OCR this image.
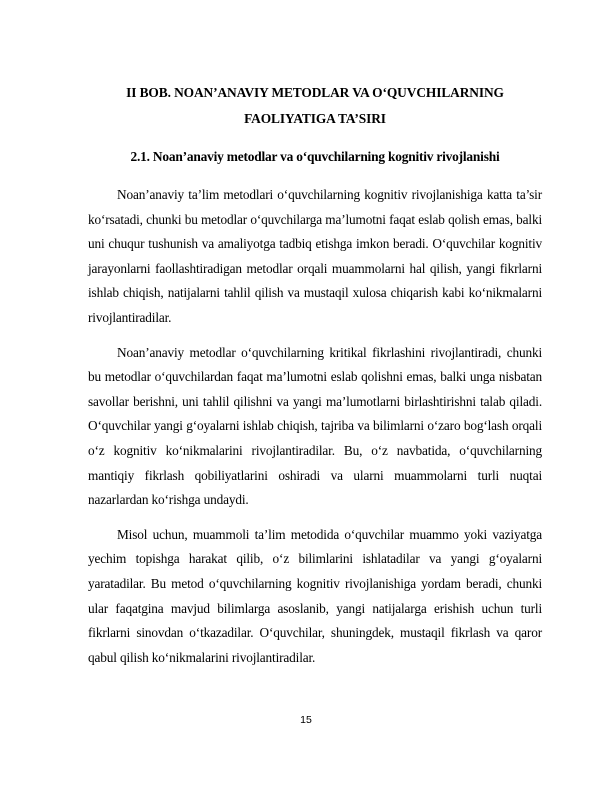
II BOB. NOAN’ANAVIY METODLAR VA O‘QUVCHILARNING
FAOLIYATIGA TA’SIRI
2.1. Noan’anaviy metodlar va o‘quvchilarning kognitiv rivojlanishi

Noan’anaviy ta’lim metodlari o‘quvchilarning kognitiv rivojlanishiga katta ta’sir ko‘rsatadi, chunki bu metodlar o‘quvchilarga ma’lumotni faqat eslab qolish emas, balki uni chuqur tushunish va amaliyotga tadbiq etishga imkon beradi. O‘quvchilar kognitiv jarayonlarni faollashtiradigan metodlar orqali muammolarni hal qilish, yangi fikrlarni ishlab chiqish, natijalarni tahlil qilish va mustaqil xulosa chiqarish kabi ko‘nikmalarni rivojlantiradilar.

Noan’anaviy metodlar o‘quvchilarning kritikal fikrlashini rivojlantiradi, chunki bu metodlar o‘quvchilardan faqat ma’lumotni eslab qolishni emas, balki unga nisbatan savollar berishni, uni tahlil qilishni va yangi ma’lumotlarni birlashtirishni talab qiladi. O‘quvchilar yangi g‘oyalarni ishlab chiqish, tajriba va bilimlarni o‘zaro bog‘lash orqali o‘z kognitiv ko‘nikmalarini rivojlantiradilar. Bu, o‘z navbatida, o‘quvchilarning mantiqiy fikrlash qobiliyatlarini oshiradi va ularni muammolarni turli nuqtai nazarlardan ko‘rishga undaydi.

Misol uchun, muammoli ta’lim metodida o‘quvchilar muammo yoki vaziyatga yechim topishga harakat qilib, o‘z bilimlarini ishlatadilar va yangi g‘oyalarni yaratadilar. Bu metod o‘quvchilarning kognitiv rivojlanishiga yordam beradi, chunki ular faqatgina mavjud bilimlarga asoslanib, yangi natijalarga erishish uchun turli fikrlarni sinovdan o‘tkazadilar. O‘quvchilar, shuningdek, mustaqil fikrlash va qaror qabul qilish ko‘nikmalarini rivojlantiradilar.

15
